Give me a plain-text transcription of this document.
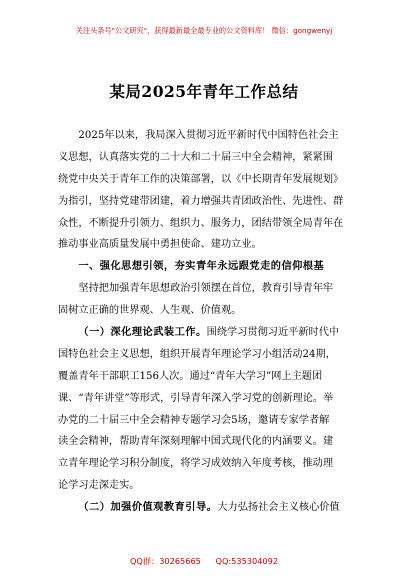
关注头条号"公文研究"，获得最新最全最专业的公文资料库！ 微信：gongwenyj
某局2025年青年工作总结
2025年以来，我局深入贯彻习近平新时代中国特色社会主
义思想，认真落实党的二十大和二十届三中全会精神，紧紧围
绕党中央关于青年工作的决策部署，以《中长期青年发展规划》
为指引，坚持党建带团建，着力增强共青团政治性、先进性、群
众性，不断提升引领力、组织力、服务力，团结带领全局青年在
推动事业高质量发展中勇担使命、建功立业。
一、强化思想引领，夯实青年永远跟党走的信仰根基
坚持把加强青年思想政治引领摆在首位，教育引导青年牢
固树立正确的世界观、人生观、价值观。
（一）深化理论武装工作。围绕学习贯彻习近平新时代中
国特色社会主义思想，组织开展青年理论学习小组活动24期，
覆盖青年干部职工156人次。通过“青年大学习”网上主题团
课、“青年讲堂”等形式，引导青年深入学习党的创新理论。举
办党的二十届三中全会精神专题学习会5场，邀请专家学者解
读全会精神，帮助青年深刻理解中国式现代化的内涵要义。建
立青年理论学习积分制度，将学习成效纳入年度考核，推动理
论学习走深走实。
（二）加强价值观教育引导。大力弘扬社会主义核心价值
QQ群：30265665 QQ:535304092
